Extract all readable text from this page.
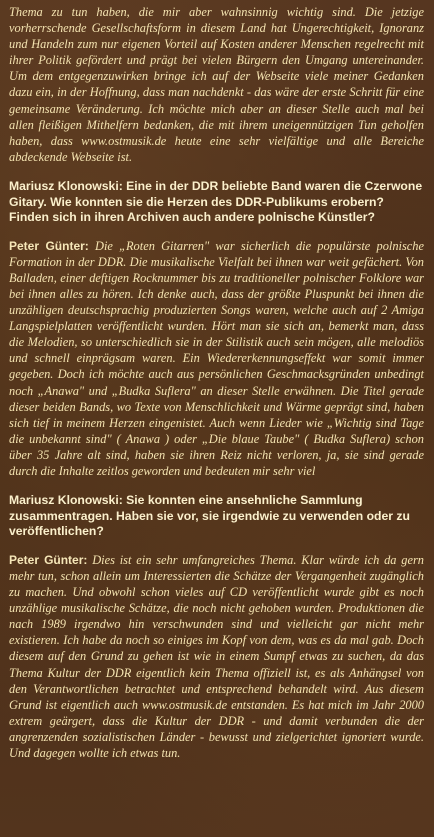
Thema zu tun haben, die mir aber wahnsinnig wichtig sind. Die jetzige vorherrschende Gesellschaftsform in diesem Land hat Ungerechtigkeit, Ignoranz und Handeln zum nur eigenen Vorteil auf Kosten anderer Menschen regelrecht mit ihrer Politik gefördert und prägt bei vielen Bürgern den Umgang untereinander. Um dem entgegenzuwirken bringe ich auf der Webseite viele meiner Gedanken dazu ein, in der Hoffnung, dass man nachdenkt - das wäre der erste Schritt für eine gemeinsame Veränderung. Ich möchte mich aber an dieser Stelle auch mal bei allen fleißigen Mithelfern bedanken, die mit ihrem uneigennützigen Tun geholfen haben, dass www.ostmusik.de heute eine sehr vielfältige und alle Bereiche abdeckende Webseite ist.

Mariusz Klonowski: Eine in der DDR beliebte Band waren die Czerwone Gitary. Wie konnten sie die Herzen des DDR-Publikums erobern? Finden sich in ihren Archiven auch andere polnische Künstler?

Peter Günter: Die „Roten Gitarren" war sicherlich die populärste polnische Formation in der DDR. Die musikalische Vielfalt bei ihnen war weit gefächert. Von Balladen, einer deftigen Rocknummer bis zu traditioneller polnischer Folklore war bei ihnen alles zu hören. Ich denke auch, dass der größte Pluspunkt bei ihnen die unzähligen deutschsprachig produzierten Songs waren, welche auch auf 2 Amiga Langspielplatten veröffentlicht wurden. Hört man sie sich an, bemerkt man, dass die Melodien, so unterschiedlich sie in der Stilistik auch sein mögen, alle melodiös und schnell einprägsam waren. Ein Wiedererkennungseffekt war somit immer gegeben. Doch ich möchte auch aus persönlichen Geschmacksgründen unbedingt noch „Anawa" und „Budka Suflera" an dieser Stelle erwähnen. Die Titel gerade dieser beiden Bands, wo Texte von Menschlichkeit und Wärme geprägt sind, haben sich tief in meinem Herzen eingenistet. Auch wenn Lieder wie „Wichtig sind Tage die unbekannt sind" ( Anawa ) oder „Die blaue Taube" ( Budka Suflera) schon über 35 Jahre alt sind, haben sie ihren Reiz nicht verloren, ja, sie sind gerade durch die Inhalte zeitlos geworden und bedeuten mir sehr viel

Mariusz Klonowski: Sie konnten eine ansehnliche Sammlung zusammentragen. Haben sie vor, sie irgendwie zu verwenden oder zu veröffentlichen?

Peter Günter: Dies ist ein sehr umfangreiches Thema. Klar würde ich da gern mehr tun, schon allein um Interessierten die Schätze der Vergangenheit zugänglich zu machen. Und obwohl schon vieles auf CD veröffentlicht wurde gibt es noch unzählige musikalische Schätze, die noch nicht gehoben wurden. Produktionen die nach 1989 irgendwo hin verschwunden sind und vielleicht gar nicht mehr existieren. Ich habe da noch so einiges im Kopf von dem, was es da mal gab. Doch diesem auf den Grund zu gehen ist wie in einem Sumpf etwas zu suchen, da das Thema Kultur der DDR eigentlich kein Thema offiziell ist, es als Anhängsel von den Verantwortlichen betrachtet und entsprechend behandelt wird. Aus diesem Grund ist eigentlich auch www.ostmusik.de entstanden. Es hat mich im Jahr 2000 extrem geärgert, dass die Kultur der DDR - und damit verbunden die der angrenzenden sozialistischen Länder - bewusst und zielgerichtet ignoriert wurde. Und dagegen wollte ich etwas tun.
